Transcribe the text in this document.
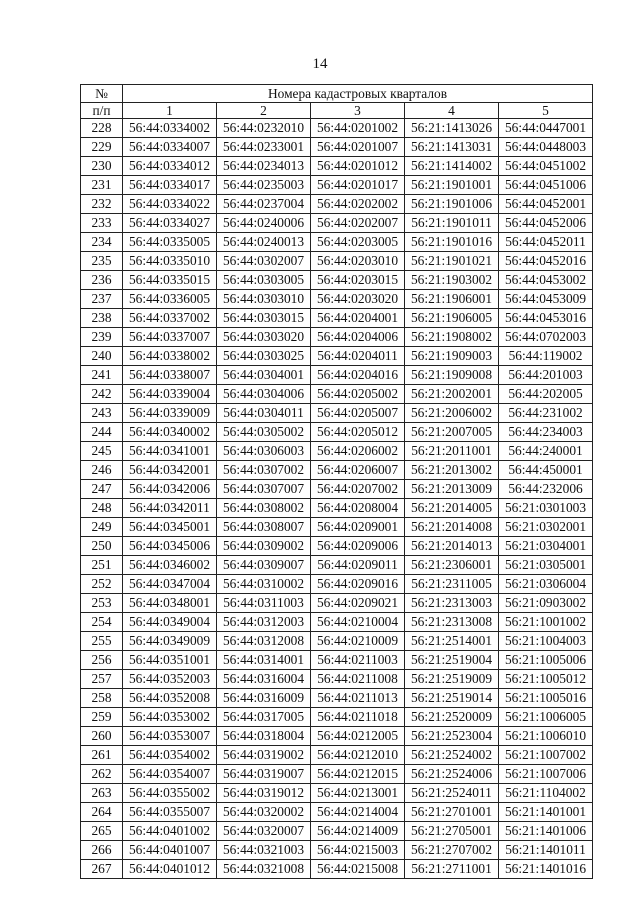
14
№	Номера кадастровых кварталов				
п/п	1	2	3	4	5
228	56:44:0334002	56:44:0232010	56:44:0201002	56:21:1413026	56:44:0447001
229	56:44:0334007	56:44:0233001	56:44:0201007	56:21:1413031	56:44:0448003
230	56:44:0334012	56:44:0234013	56:44:0201012	56:21:1414002	56:44:0451002
231	56:44:0334017	56:44:0235003	56:44:0201017	56:21:1901001	56:44:0451006
232	56:44:0334022	56:44:0237004	56:44:0202002	56:21:1901006	56:44:0452001
233	56:44:0334027	56:44:0240006	56:44:0202007	56:21:1901011	56:44:0452006
234	56:44:0335005	56:44:0240013	56:44:0203005	56:21:1901016	56:44:0452011
235	56:44:0335010	56:44:0302007	56:44:0203010	56:21:1901021	56:44:0452016
236	56:44:0335015	56:44:0303005	56:44:0203015	56:21:1903002	56:44:0453002
237	56:44:0336005	56:44:0303010	56:44:0203020	56:21:1906001	56:44:0453009
238	56:44:0337002	56:44:0303015	56:44:0204001	56:21:1906005	56:44:0453016
239	56:44:0337007	56:44:0303020	56:44:0204006	56:21:1908002	56:44:0702003
240	56:44:0338002	56:44:0303025	56:44:0204011	56:21:1909003	56:44:119002
241	56:44:0338007	56:44:0304001	56:44:0204016	56:21:1909008	56:44:201003
242	56:44:0339004	56:44:0304006	56:44:0205002	56:21:2002001	56:44:202005
243	56:44:0339009	56:44:0304011	56:44:0205007	56:21:2006002	56:44:231002
244	56:44:0340002	56:44:0305002	56:44:0205012	56:21:2007005	56:44:234003
245	56:44:0341001	56:44:0306003	56:44:0206002	56:21:2011001	56:44:240001
246	56:44:0342001	56:44:0307002	56:44:0206007	56:21:2013002	56:44:450001
247	56:44:0342006	56:44:0307007	56:44:0207002	56:21:2013009	56:44:232006
248	56:44:0342011	56:44:0308002	56:44:0208004	56:21:2014005	56:21:0301003
249	56:44:0345001	56:44:0308007	56:44:0209001	56:21:2014008	56:21:0302001
250	56:44:0345006	56:44:0309002	56:44:0209006	56:21:2014013	56:21:0304001
251	56:44:0346002	56:44:0309007	56:44:0209011	56:21:2306001	56:21:0305001
252	56:44:0347004	56:44:0310002	56:44:0209016	56:21:2311005	56:21:0306004
253	56:44:0348001	56:44:0311003	56:44:0209021	56:21:2313003	56:21:0903002
254	56:44:0349004	56:44:0312003	56:44:0210004	56:21:2313008	56:21:1001002
255	56:44:0349009	56:44:0312008	56:44:0210009	56:21:2514001	56:21:1004003
256	56:44:0351001	56:44:0314001	56:44:0211003	56:21:2519004	56:21:1005006
257	56:44:0352003	56:44:0316004	56:44:0211008	56:21:2519009	56:21:1005012
258	56:44:0352008	56:44:0316009	56:44:0211013	56:21:2519014	56:21:1005016
259	56:44:0353002	56:44:0317005	56:44:0211018	56:21:2520009	56:21:1006005
260	56:44:0353007	56:44:0318004	56:44:0212005	56:21:2523004	56:21:1006010
261	56:44:0354002	56:44:0319002	56:44:0212010	56:21:2524002	56:21:1007002
262	56:44:0354007	56:44:0319007	56:44:0212015	56:21:2524006	56:21:1007006
263	56:44:0355002	56:44:0319012	56:44:0213001	56:21:2524011	56:21:1104002
264	56:44:0355007	56:44:0320002	56:44:0214004	56:21:2701001	56:21:1401001
265	56:44:0401002	56:44:0320007	56:44:0214009	56:21:2705001	56:21:1401006
266	56:44:0401007	56:44:0321003	56:44:0215003	56:21:2707002	56:21:1401011
267	56:44:0401012	56:44:0321008	56:44:0215008	56:21:2711001	56:21:1401016
